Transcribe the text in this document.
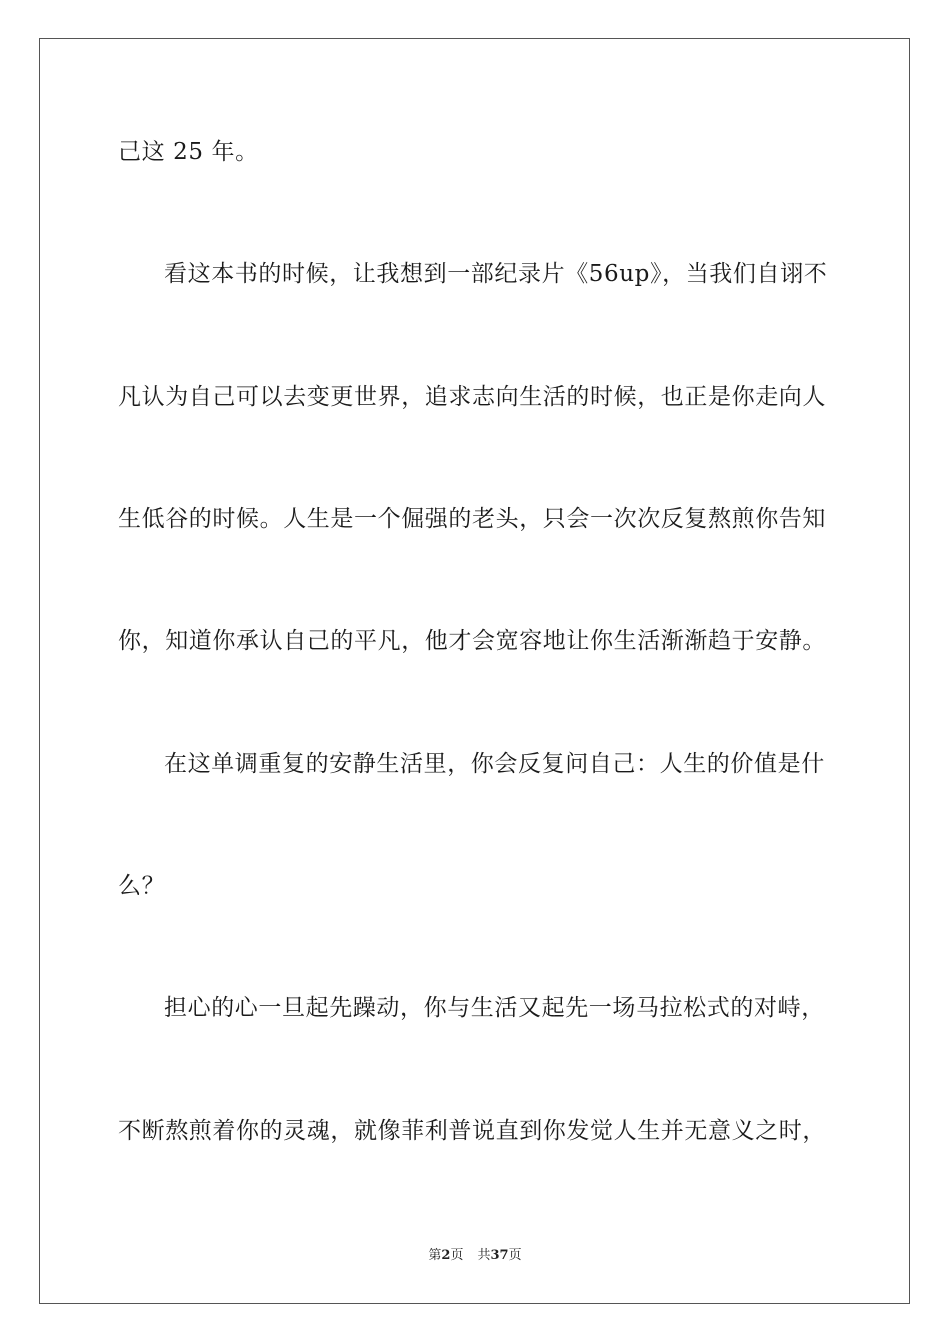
己这 25 年。
看这本书的时候，让我想到一部纪录片《56up》，当我们自诩不
凡认为自己可以去变更世界，追求志向生活的时候，也正是你走向人
生低谷的时候。人生是一个倔强的老头，只会一次次反复熬煎你告知
你，知道你承认自己的平凡，他才会宽容地让你生活渐渐趋于安静。
在这单调重复的安静生活里，你会反复问自己：人生的价值是什
么？
担心的心一旦起先躁动，你与生活又起先一场马拉松式的对峙，
不断熬煎着你的灵魂，就像菲利普说直到你发觉人生并无意义之时，
第2页 共37页
